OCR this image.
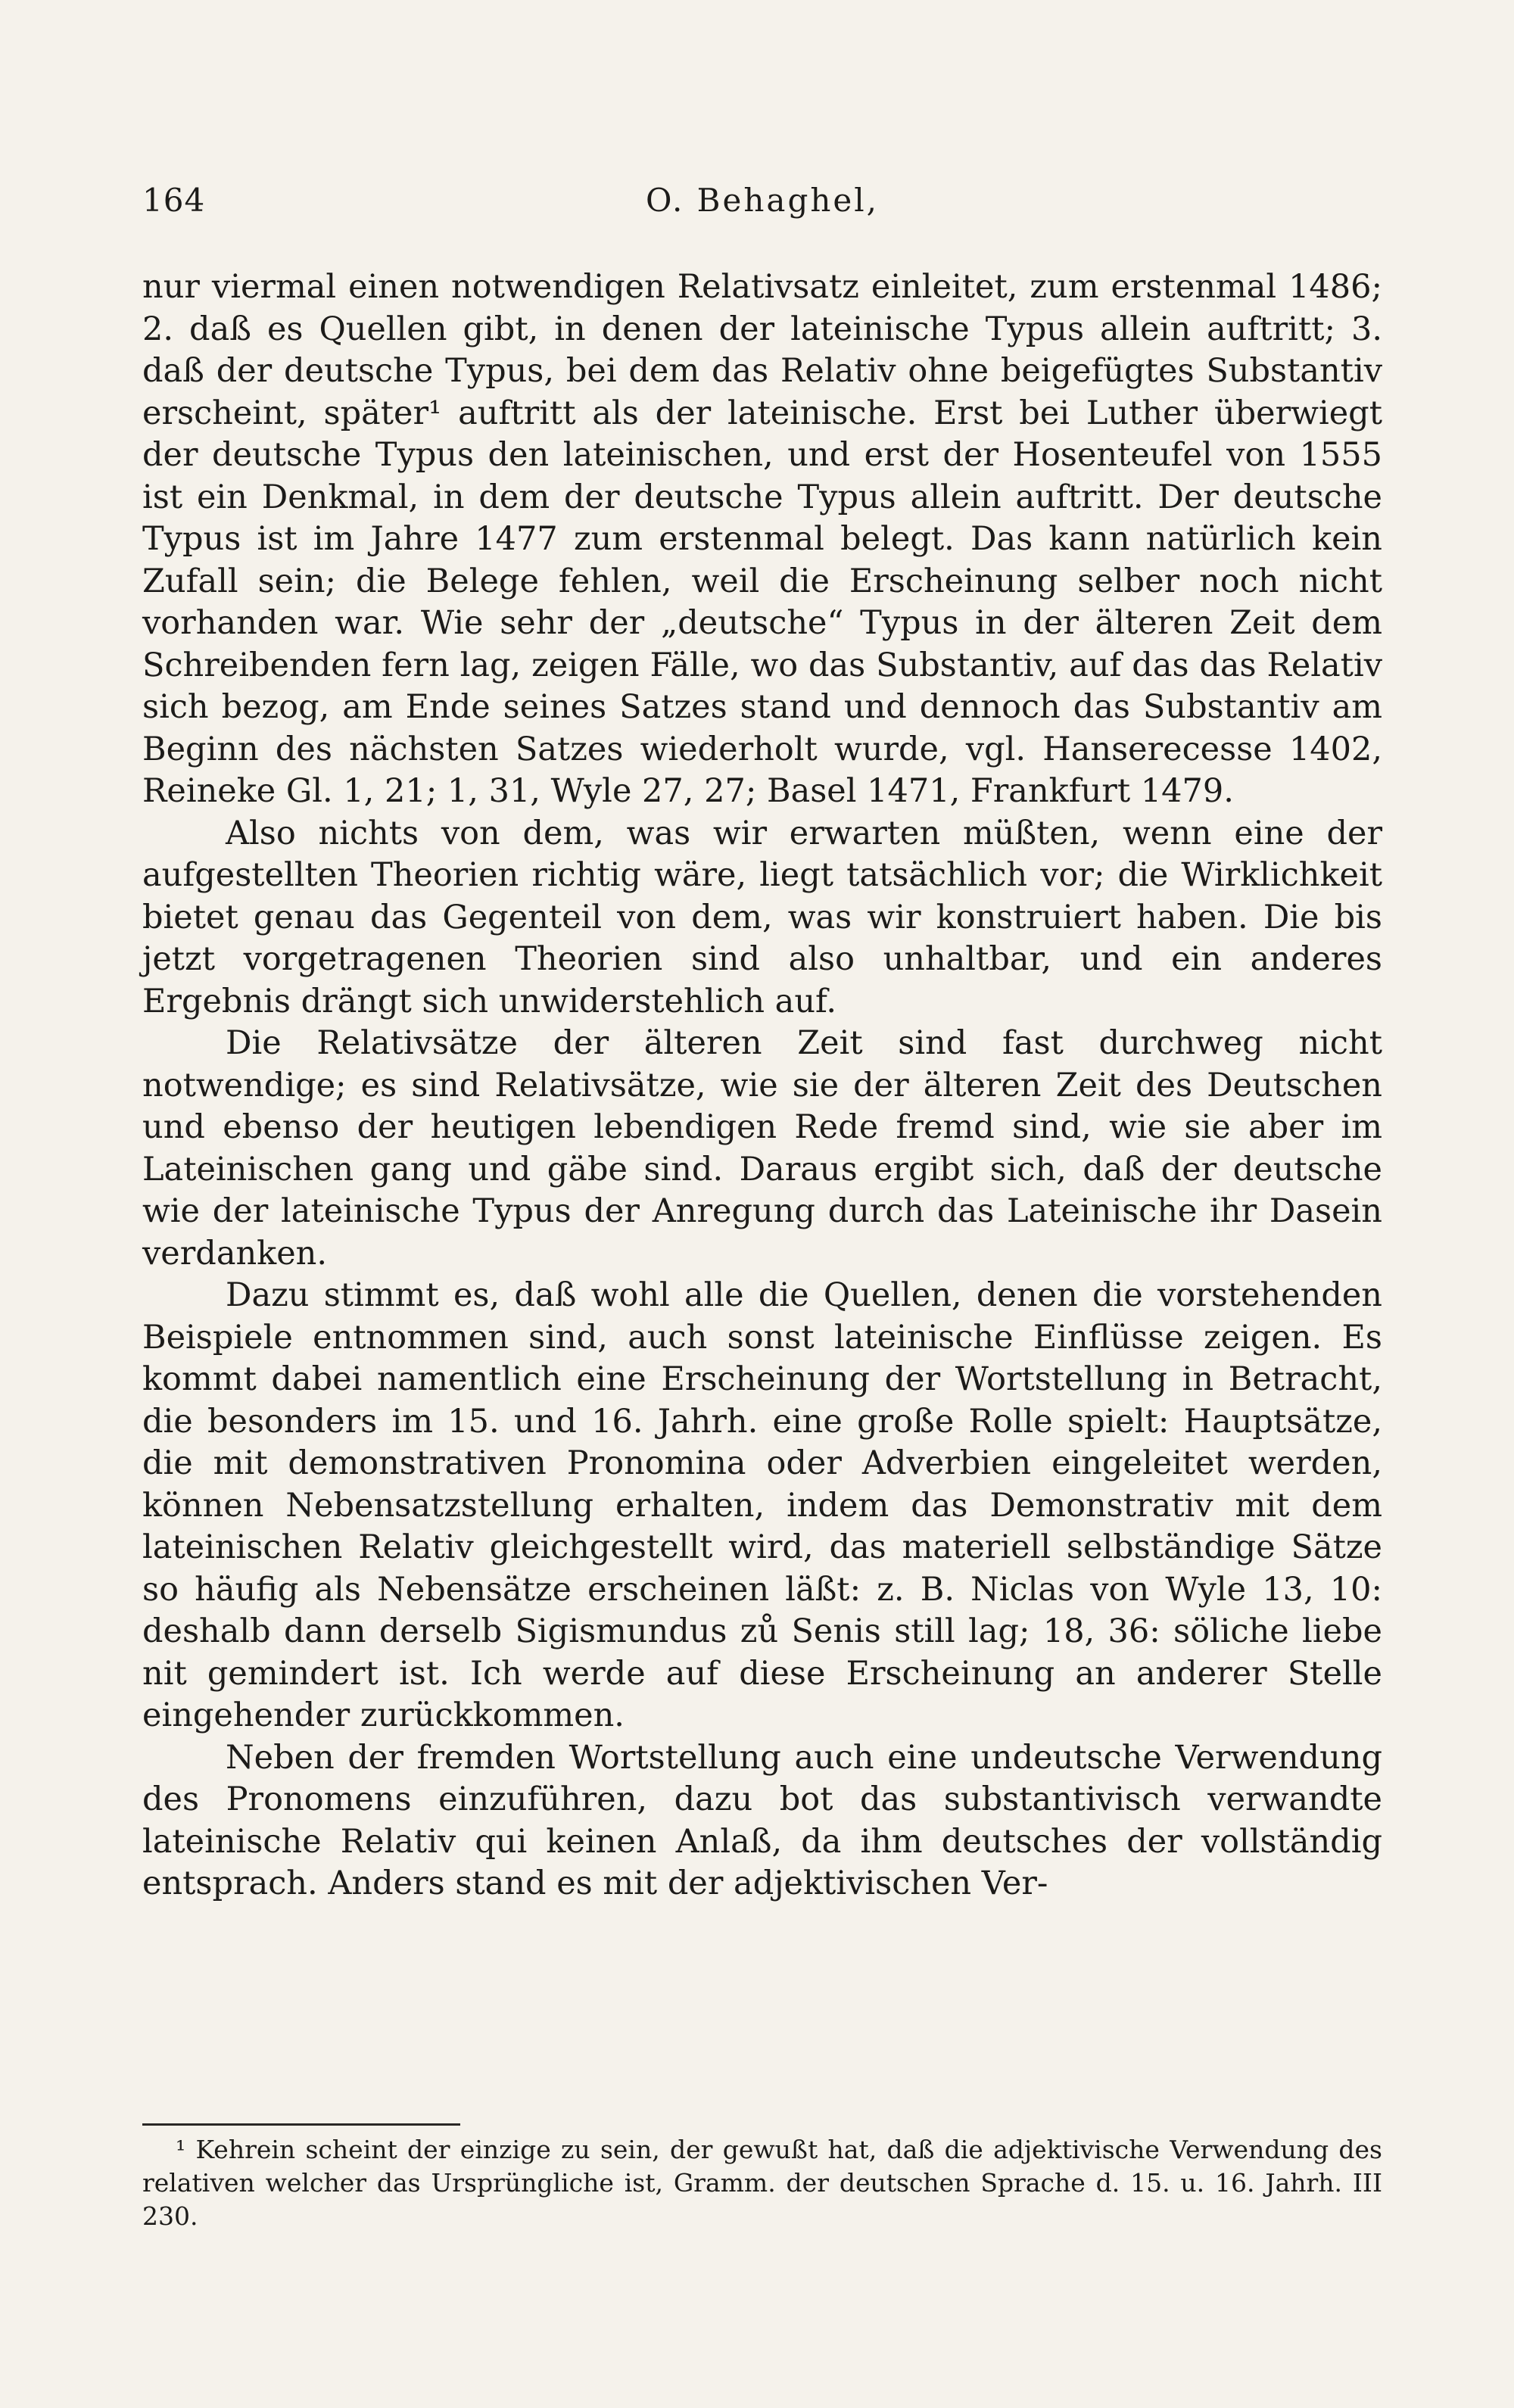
164	O. Behaghel,

nur viermal einen notwendigen Relativsatz einleitet, zum erstenmal 1486; 2. daß es Quellen gibt, in denen der lateinische Typus allein auftritt; 3. daß der deutsche Typus, bei dem das Relativ ohne beigefügtes Substantiv erscheint, später¹ auftritt als der lateinische. Erst bei Luther überwiegt der deutsche Typus den lateinischen, und erst der Hosenteufel von 1555 ist ein Denkmal, in dem der deutsche Typus allein auftritt. Der deutsche Typus ist im Jahre 1477 zum erstenmal belegt. Das kann natürlich kein Zufall sein; die Belege fehlen, weil die Erscheinung selber noch nicht vorhanden war. Wie sehr der „deutsche“ Typus in der älteren Zeit dem Schreibenden fern lag, zeigen Fälle, wo das Substantiv, auf das das Relativ sich bezog, am Ende seines Satzes stand und dennoch das Substantiv am Beginn des nächsten Satzes wiederholt wurde, vgl. Hanserecesse 1402, Reineke Gl. 1, 21; 1, 31, Wyle 27, 27; Basel 1471, Frankfurt 1479.

Also nichts von dem, was wir erwarten müßten, wenn eine der aufgestellten Theorien richtig wäre, liegt tatsächlich vor; die Wirklichkeit bietet genau das Gegenteil von dem, was wir konstruiert haben. Die bis jetzt vorgetragenen Theorien sind also unhaltbar, und ein anderes Ergebnis drängt sich unwiderstehlich auf.

Die Relativsätze der älteren Zeit sind fast durchweg nicht notwendige; es sind Relativsätze, wie sie der älteren Zeit des Deutschen und ebenso der heutigen lebendigen Rede fremd sind, wie sie aber im Lateinischen gang und gäbe sind. Daraus ergibt sich, daß der deutsche wie der lateinische Typus der Anregung durch das Lateinische ihr Dasein verdanken.

Dazu stimmt es, daß wohl alle die Quellen, denen die vorstehenden Beispiele entnommen sind, auch sonst lateinische Einflüsse zeigen. Es kommt dabei namentlich eine Erscheinung der Wortstellung in Betracht, die besonders im 15. und 16. Jahrh. eine große Rolle spielt: Hauptsätze, die mit demonstrativen Pronomina oder Adverbien eingeleitet werden, können Nebensatzstellung erhalten, indem das Demonstrativ mit dem lateinischen Relativ gleichgestellt wird, das materiell selbständige Sätze so häufig als Nebensätze erscheinen läßt: z. B. Niclas von Wyle 13, 10: deshalb dann derselb Sigismundus zů Senis still lag; 18, 36: söliche liebe nit gemindert ist. Ich werde auf diese Erscheinung an anderer Stelle eingehender zurückkommen.

Neben der fremden Wortstellung auch eine undeutsche Verwendung des Pronomens einzuführen, dazu bot das substantivisch verwandte lateinische Relativ qui keinen Anlaß, da ihm deutsches der vollständig entsprach. Anders stand es mit der adjektivischen Ver-

¹ Kehrein scheint der einzige zu sein, der gewußt hat, daß die adjektivische Verwendung des relativen welcher das Ursprüngliche ist, Gramm. der deutschen Sprache d. 15. u. 16. Jahrh. III 230.
